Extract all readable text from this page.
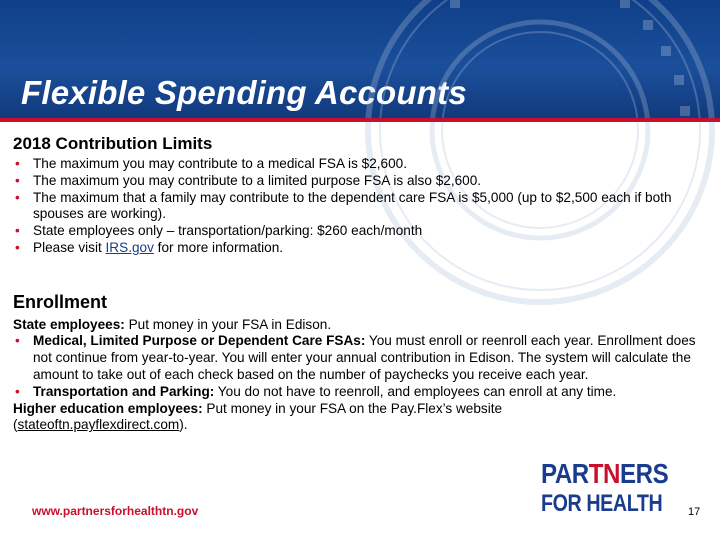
Flexible Spending Accounts
2018 Contribution Limits
• The maximum you may contribute to a medical FSA is $2,600.
• The maximum you may contribute to a limited purpose FSA is also $2,600.
• The maximum that a family may contribute to the dependent care FSA is $5,000 (up to $2,500 each if both spouses are working).
• State employees only – transportation/parking: $260 each/month
• Please visit IRS.gov for more information.
Enrollment

State employees: Put money in your FSA in Edison.

• Medical, Limited Purpose or Dependent Care FSAs: You must enroll or reenroll each year. Enrollment does not continue from year-to-year. You will enter your annual contribution in Edison. The system will calculate the amount to take out of each check based on the number of paychecks you receive each year.
• Transportation and Parking: You do not have to reenroll, and employees can enroll at any time.

Higher education employees: Put money in your FSA on the Pay.Flex’s website
(stateoftn.payflexdirect.com).

www.partnersforhealthtn.gov	17
PARTNERS
FOR HEALTH
